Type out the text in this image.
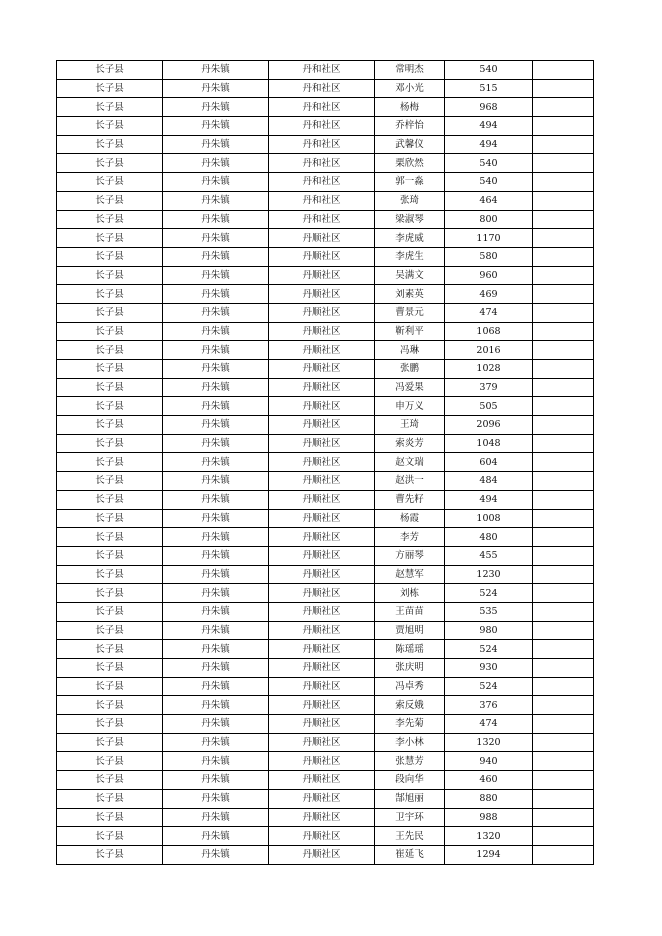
长子县	丹朱镇	丹和社区	常明杰	540	
长子县	丹朱镇	丹和社区	邓小光	515	
长子县	丹朱镇	丹和社区	杨梅	968	
长子县	丹朱镇	丹和社区	乔梓怡	494	
长子县	丹朱镇	丹和社区	武馨仪	494	
长子县	丹朱镇	丹和社区	栗欣然	540	
长子县	丹朱镇	丹和社区	郭一淼	540	
长子县	丹朱镇	丹和社区	张琦	464	
长子县	丹朱镇	丹和社区	梁淑琴	800	
长子县	丹朱镇	丹顺社区	李虎威	1170	
长子县	丹朱镇	丹顺社区	李虎生	580	
长子县	丹朱镇	丹顺社区	吴满文	960	
长子县	丹朱镇	丹顺社区	刘素英	469	
长子县	丹朱镇	丹顺社区	曹景元	474	
长子县	丹朱镇	丹顺社区	靳利平	1068	
长子县	丹朱镇	丹顺社区	冯琳	2016	
长子县	丹朱镇	丹顺社区	张鹏	1028	
长子县	丹朱镇	丹顺社区	冯爱果	379	
长子县	丹朱镇	丹顺社区	申万义	505	
长子县	丹朱镇	丹顺社区	王琦	2096	
长子县	丹朱镇	丹顺社区	索炎芳	1048	
长子县	丹朱镇	丹顺社区	赵文瑞	604	
长子县	丹朱镇	丹顺社区	赵洪一	484	
长子县	丹朱镇	丹顺社区	曹先籽	494	
长子县	丹朱镇	丹顺社区	杨霞	1008	
长子县	丹朱镇	丹顺社区	李芳	480	
长子县	丹朱镇	丹顺社区	方丽琴	455	
长子县	丹朱镇	丹顺社区	赵慧军	1230	
长子县	丹朱镇	丹顺社区	刘栋	524	
长子县	丹朱镇	丹顺社区	王苗苗	535	
长子县	丹朱镇	丹顺社区	贾旭明	980	
长子县	丹朱镇	丹顺社区	陈瑶瑶	524	
长子县	丹朱镇	丹顺社区	张庆明	930	
长子县	丹朱镇	丹顺社区	冯卓秀	524	
长子县	丹朱镇	丹顺社区	索反娥	376	
长子县	丹朱镇	丹顺社区	李先菊	474	
长子县	丹朱镇	丹顺社区	李小林	1320	
长子县	丹朱镇	丹顺社区	张慧芳	940	
长子县	丹朱镇	丹顺社区	段向华	460	
长子县	丹朱镇	丹顺社区	郜旭丽	880	
长子县	丹朱镇	丹顺社区	卫宇环	988	
长子县	丹朱镇	丹顺社区	王先民	1320	
长子县	丹朱镇	丹顺社区	崔延飞	1294	
